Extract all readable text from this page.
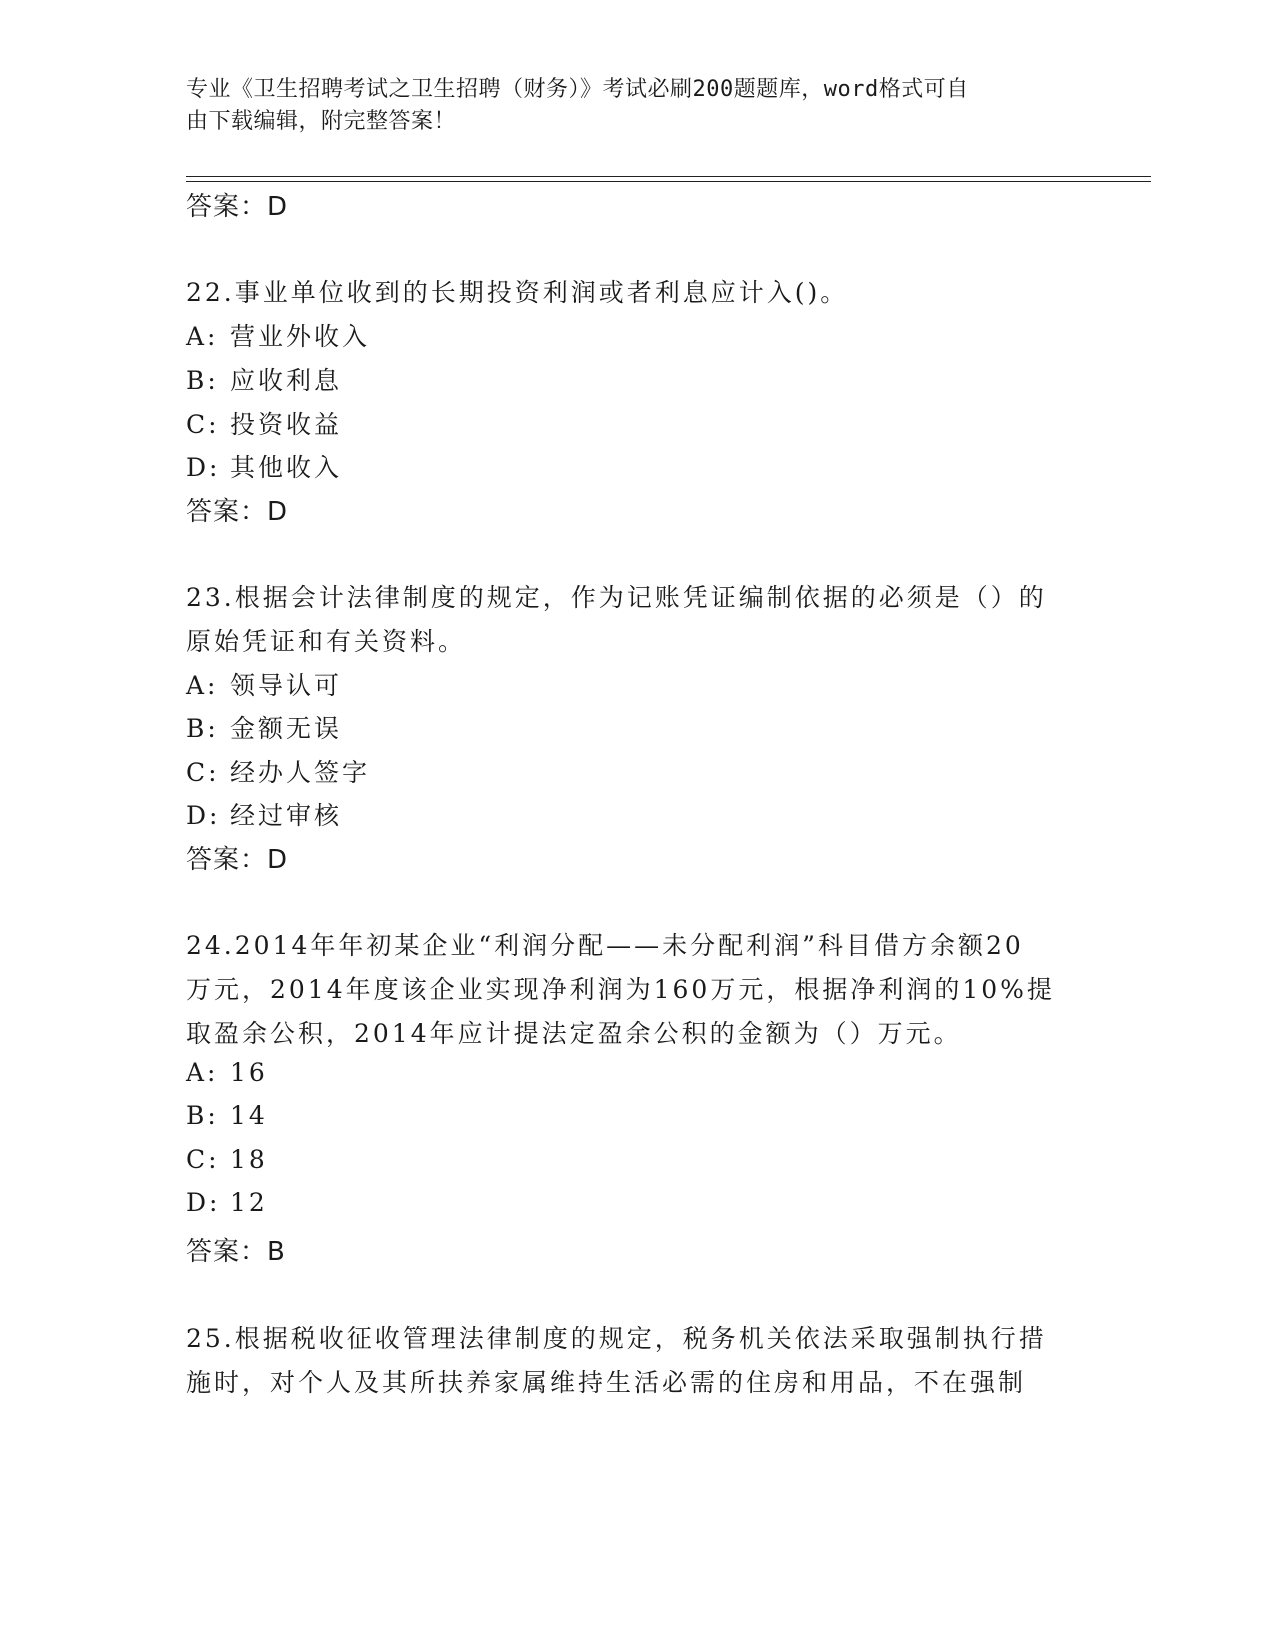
专业《卫生招聘考试之卫生招聘（财务）》考试必刷200题题库，word格式可自
由下载编辑，附完整答案！
答案：D
22.事业单位收到的长期投资利润或者利息应计入()。
A: 营业外收入
B: 应收利息
C: 投资收益
D: 其他收入
答案：D
23.根据会计法律制度的规定，作为记账凭证编制依据的必须是（）的
原始凭证和有关资料。
A: 领导认可
B: 金额无误
C: 经办人签字
D: 经过审核
答案：D
24.2014年年初某企业“利润分配——未分配利润”科目借方余额20
万元，2014年度该企业实现净利润为160万元，根据净利润的10%提
取盈余公积，2014年应计提法定盈余公积的金额为（）万元。
A: 16
B: 14
C: 18
D: 12
答案：B
25.根据税收征收管理法律制度的规定，税务机关依法采取强制执行措
施时，对个人及其所扶养家属维持生活必需的住房和用品，不在强制
